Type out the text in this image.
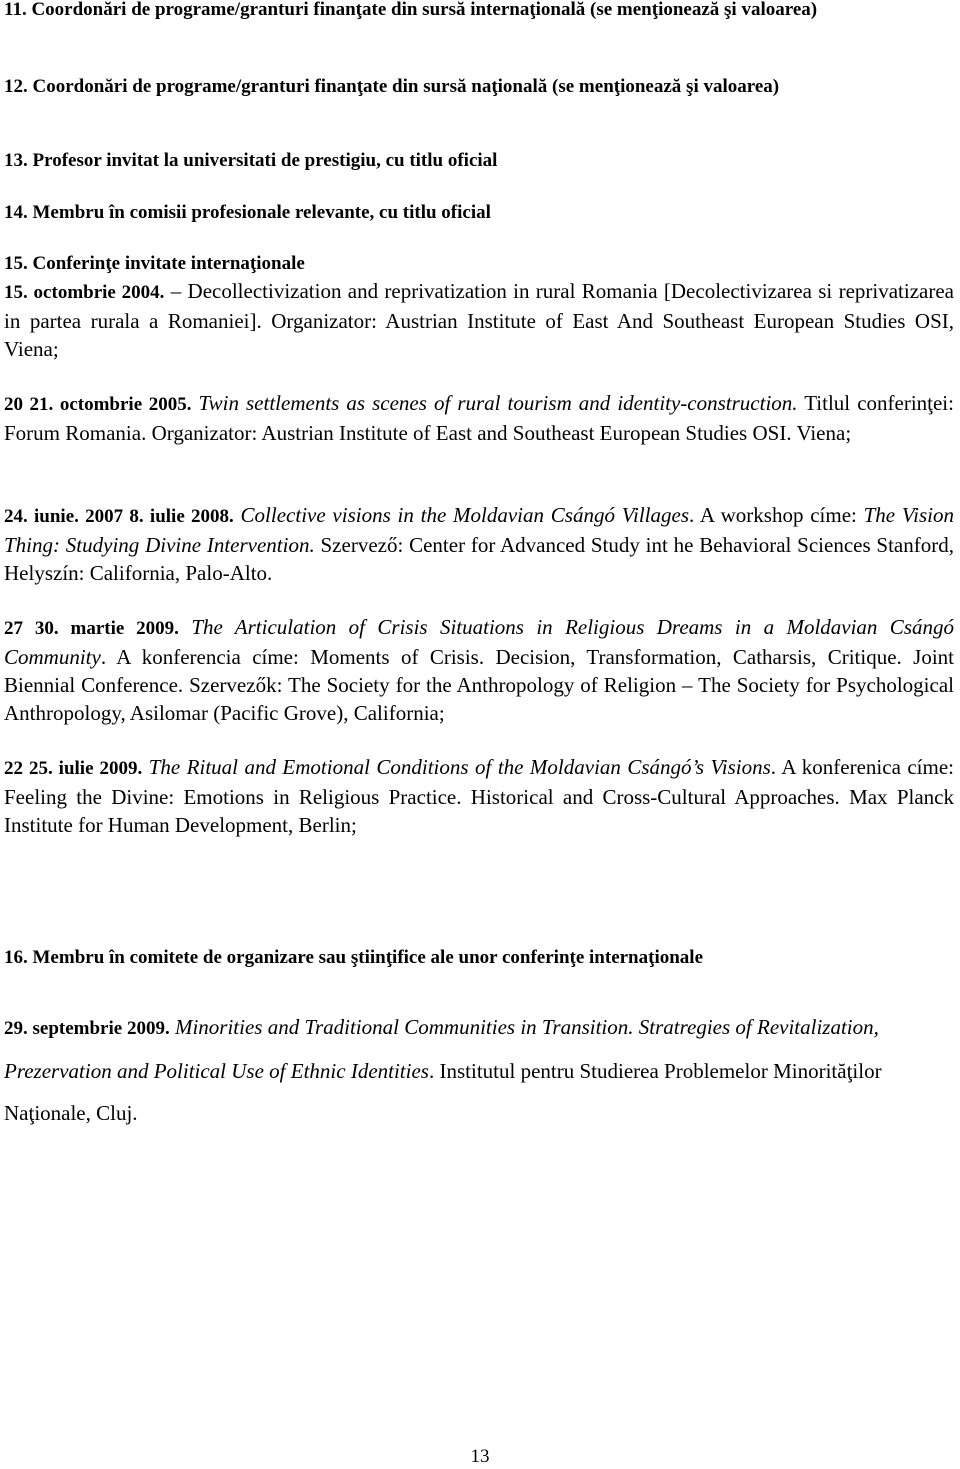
11. Coordonări de programe/granturi finanţate din sursă internaţională (se menţionează şi valoarea)

12. Coordonări de programe/granturi finanţate din sursă naţională (se menţionează şi valoarea)

13. Profesor invitat la universitati de prestigiu, cu titlu oficial

14. Membru în comisii profesionale relevante, cu titlu oficial

15. Conferinţe invitate internaţionale

15. octombrie 2004. – Decollectivization and reprivatization in rural Romania [Decolectivizarea si reprivatizarea in partea rurala a Romaniei]. Organizator: Austrian Institute of East And Southeast European Studies OSI, Viena;

20 21. octombrie 2005. Twin settlements as scenes of rural tourism and identity-construction. Titlul conferinţei: Forum Romania. Organizator: Austrian Institute of East and Southeast European Studies OSI. Viena;

24. iunie. 2007 8. iulie 2008. Collective visions in the Moldavian Csángó Villages. A workshop címe: The Vision Thing: Studying Divine Intervention. Szervező: Center for Advanced Study int he Behavioral Sciences Stanford, Helyszín: California, Palo-Alto.

27 30. martie 2009. The Articulation of Crisis Situations in Religious Dreams in a Moldavian Csángó Community. A konferencia címe: Moments of Crisis. Decision, Transformation, Catharsis, Critique. Joint Biennial Conference. Szervezők: The Society for the Anthropology of Religion – The Society for Psychological Anthropology, Asilomar (Pacific Grove), California;

22 25. iulie 2009. The Ritual and Emotional Conditions of the Moldavian Csángó’s Visions. A konferenica címe: Feeling the Divine: Emotions in Religious Practice. Historical and Cross-Cultural Approaches. Max Planck Institute for Human Development, Berlin;

16. Membru în comitete de organizare sau ştiinţifice ale unor conferinţe internaţionale

29. septembrie 2009. Minorities and Traditional Communities in Transition. Stratregies of Revitalization, Prezervation and Political Use of Ethnic Identities. Institutul pentru Studierea Problemelor Minorităţilor Naţionale, Cluj.

13
